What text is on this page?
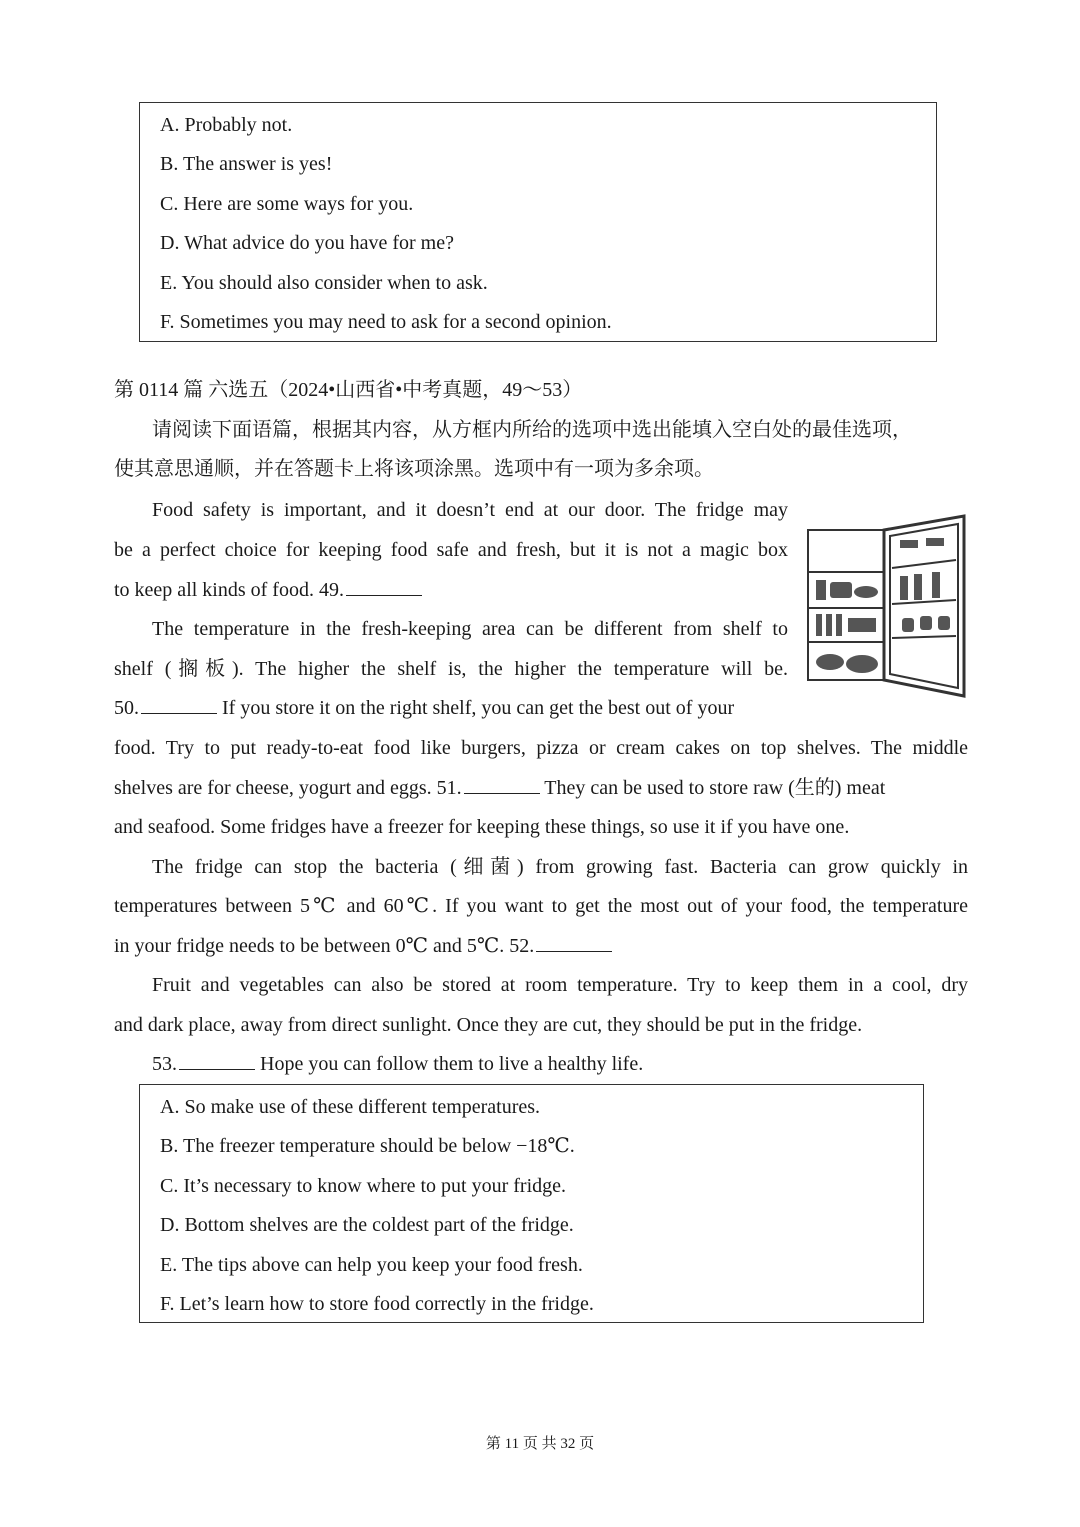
A. Probably not.
B. The answer is yes!
C. Here are some ways for you.
D. What advice do you have for me?
E. You should also consider when to ask.
F. Sometimes you may need to ask for a second opinion.
第 0114 篇 六选五（2024•山西省•中考真题，49～53）
请阅读下面语篇，根据其内容，从方框内所给的选项中选出能填入空白处的最佳选项，
使其意思通顺，并在答题卡上将该项涂黑。选项中有一项为多余项。
Food safety is important, and it doesn’t end at our door. The fridge may
be a perfect choice for keeping food safe and fresh, but it is not a magic box
to keep all kinds of food. 49.
The temperature in the fresh-keeping area can be different from shelf to
shelf (搁板). The higher the shelf is, the higher the temperature will be.
50.	If you store it on the right shelf, you can get the best out of your
food. Try to put ready-to-eat food like burgers, pizza or cream cakes on top shelves. The middle
shelves are for cheese, yogurt and eggs. 51.	They can be used to store raw (生的) meat
and seafood. Some fridges have a freezer for keeping these things, so use it if you have one.
The fridge can stop the bacteria (细菌) from growing fast. Bacteria can grow quickly in
temperatures between 5℃ and 60℃. If you want to get the most out of your food, the temperature
in your fridge needs to be between 0℃ and 5℃. 52.
Fruit and vegetables can also be stored at room temperature. Try to keep them in a cool, dry
and dark place, away from direct sunlight. Once they are cut, they should be put in the fridge.
53.	Hope you can follow them to live a healthy life.
A. So make use of these different temperatures.
B. The freezer temperature should be below −18℃.
C. It’s necessary to know where to put your fridge.
D. Bottom shelves are the coldest part of the fridge.
E. The tips above can help you keep your food fresh.
F. Let’s learn how to store food correctly in the fridge.
第 11 页 共 32 页
